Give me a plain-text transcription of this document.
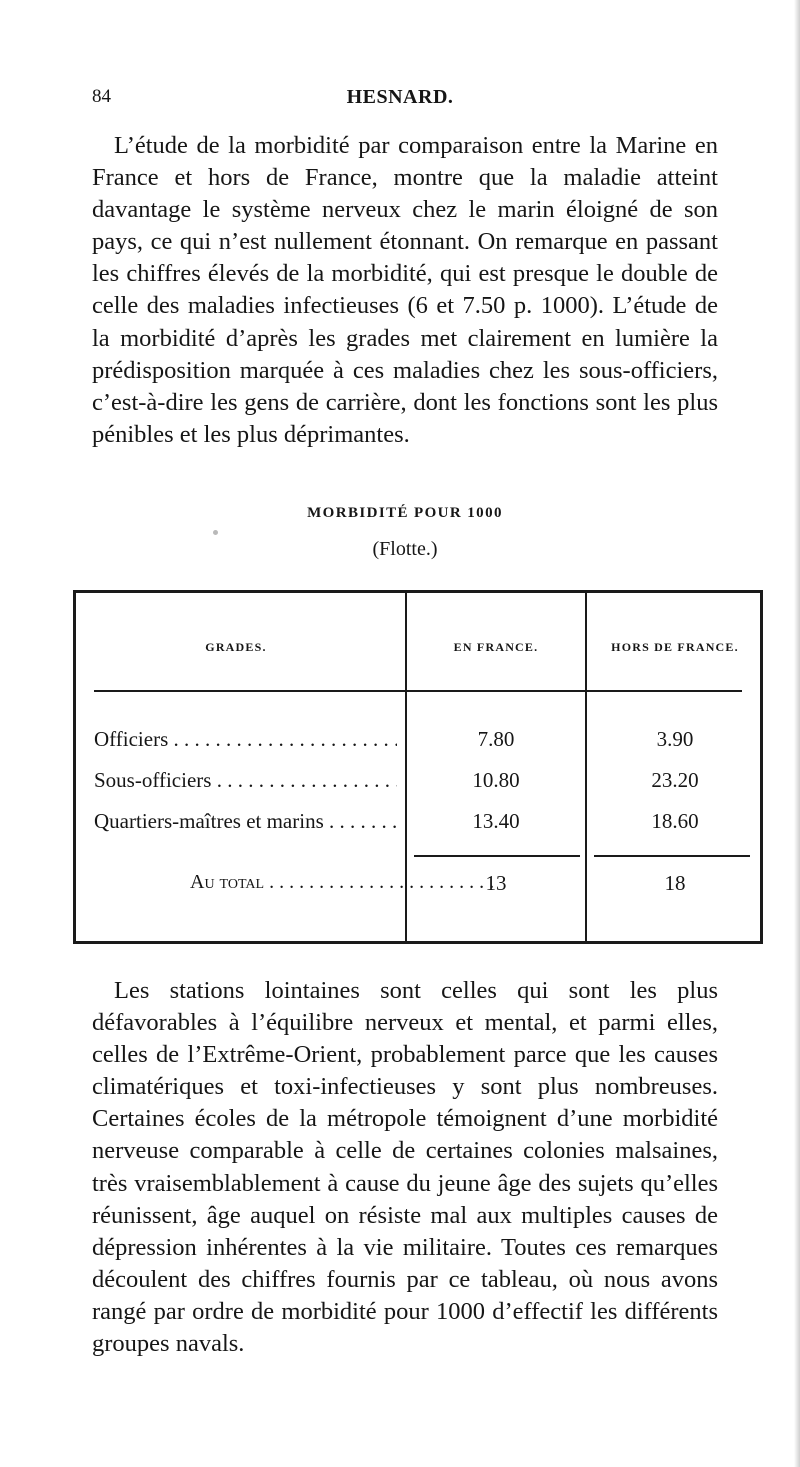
84	HESNARD.

L’étude de la morbidité par comparaison entre la Marine en France et hors de France, montre que la maladie atteint davantage le système nerveux chez le marin éloigné de son pays, ce qui n’est nullement étonnant. On remarque en passant les chiffres élevés de la morbidité, qui est presque le double de celle des maladies infectieuses (6 et 7.50 p. 1000). L’étude de la morbidité d’après les grades met clairement en lumière la prédisposition marquée à ces maladies chez les sous-officiers, c’est-à-dire les gens de carrière, dont les fonctions sont les plus pénibles et les plus déprimantes.

MORBIDITÉ POUR 1000
(Flotte.)
GRADES.	EN FRANCE.	HORS DE FRANCE.
Officiers . . .	7.80	3.90
Sous-officiers . . .	10.80	23.20
Quartiers-maîtres et marins . . .	13.40	18.60
Au total . . .	13	18

Les stations lointaines sont celles qui sont les plus défavorables à l’équilibre nerveux et mental, et parmi elles, celles de l’Extrême-Orient, probablement parce que les causes climatériques et toxi-infectieuses y sont plus nombreuses. Certaines écoles de la métropole témoignent d’une morbidité nerveuse comparable à celle de certaines colonies malsaines, très vraisemblablement à cause du jeune âge des sujets qu’elles réunissent, âge auquel on résiste mal aux multiples causes de dépression inhérentes à la vie militaire. Toutes ces remarques découlent des chiffres fournis par ce tableau, où nous avons rangé par ordre de morbidité pour 1000 d’effectif les différents groupes navals.
